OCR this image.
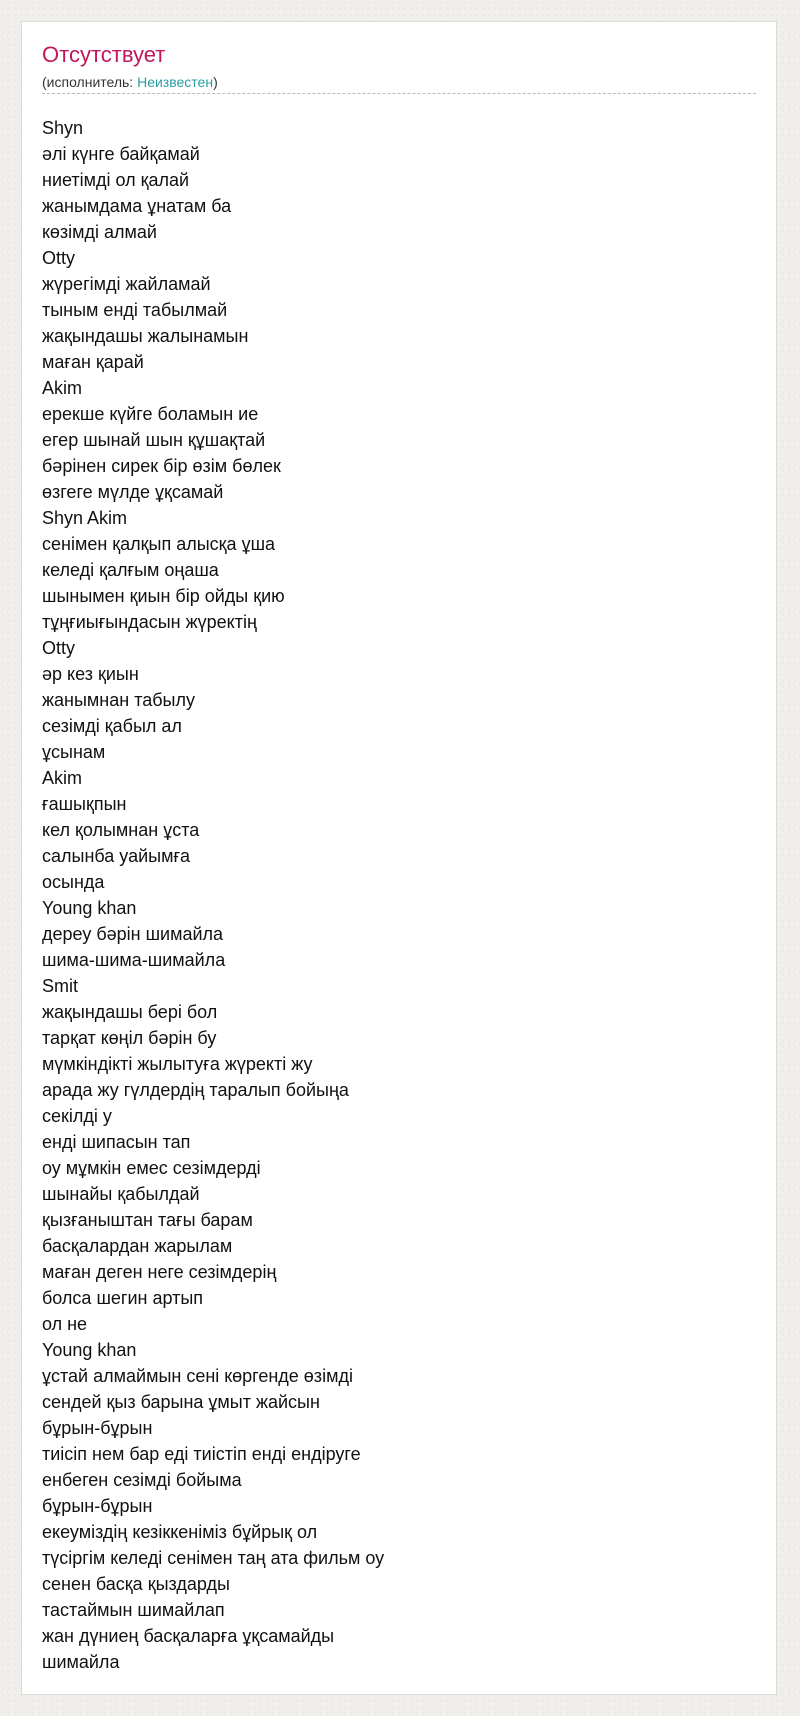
Отсутствует
(исполнитель: Неизвестен)
Shyn
әлі күнге байқамай
ниетімді ол қалай
жанымдама ұнатам ба
көзімді алмай
Otty
жүрегімді жайламай
тыным енді табылмай
жақындашы жалынамын
маған қарай
Akim
ерекше күйге боламын ие
егер шынай шын құшақтай
бәрінен сирек бір өзім бөлек
өзгеге мүлде ұқсамай
Shyn Akim
сенімен қалқып алысқа ұша
келеді қалғым оңаша
шынымен қиын бір ойды қию
тұңғиығындасын жүректің
Otty
әр кез қиын
жанымнан табылу
сезімді қабыл ал
ұсынам
Akim
ғашықпын
кел қолымнан ұста
салынба уайымға
осында
Young khan
дереу бәрін шимайла
шима-шима-шимайла
Smit
жақындашы бері бол
тарқат көңіл бәрін бу
мүмкіндікті жылытуға жүректі жу
арада жу гүлдердің таралып бойыңа
секілді у
енді шипасын тап
оу мұмкін емес сезімдерді
шынайы қабылдай
қызғаныштан тағы барам
басқалардан жарылам
маған деген неге сезімдерің
болса шегин артып
ол не
Young khan
ұстай алмаймын сені көргенде өзімді
сендей қыз барына ұмыт жайсын
бұрын-бұрын
тиісіп нем бар еді тиістіп енді ендіруге
енбеген сезімді бойыма
бұрын-бұрын
екеуміздің кезіккеніміз бұйрық ол
түсіргім келеді сенімен таң ата фильм оу
сенен басқа қыздарды
тастаймын шимайлап
жан дүниең басқаларға ұқсамайды
шимайла
